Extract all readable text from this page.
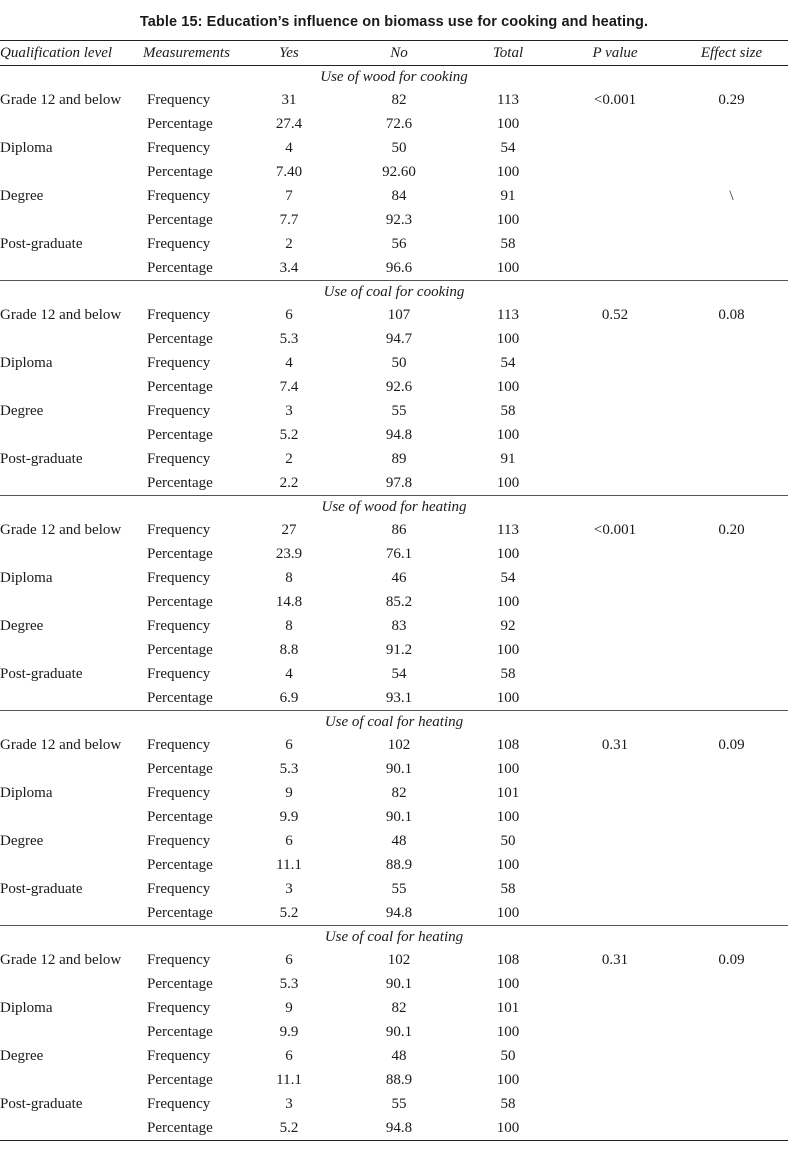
Table 15: Education’s influence on biomass use for cooking and heating.
Qualification level	Measurements	Yes	No	Total	P value	Effect size
Use of wood for cooking						
Grade 12 and below	Frequency	31	82	113	<0.001	0.29
	Percentage	27.4	72.6	100		
Diploma	Frequency	4	50	54		
	Percentage	7.40	92.60	100		
Degree	Frequency	7	84	91		\
	Percentage	7.7	92.3	100		
Post-graduate	Frequency	2	56	58		
	Percentage	3.4	96.6	100		
Use of coal for cooking						
Grade 12 and below	Frequency	6	107	113	0.52	0.08
	Percentage	5.3	94.7	100		
Diploma	Frequency	4	50	54		
	Percentage	7.4	92.6	100		
Degree	Frequency	3	55	58		
	Percentage	5.2	94.8	100		
Post-graduate	Frequency	2	89	91		
	Percentage	2.2	97.8	100		
Use of wood for heating						
Grade 12 and below	Frequency	27	86	113	<0.001	0.20
	Percentage	23.9	76.1	100		
Diploma	Frequency	8	46	54		
	Percentage	14.8	85.2	100		
Degree	Frequency	8	83	92		
	Percentage	8.8	91.2	100		
Post-graduate	Frequency	4	54	58		
	Percentage	6.9	93.1	100		
Use of coal for heating						
Grade 12 and below	Frequency	6	102	108	0.31	0.09
	Percentage	5.3	90.1	100		
Diploma	Frequency	9	82	101		
	Percentage	9.9	90.1	100		
Degree	Frequency	6	48	50		
	Percentage	11.1	88.9	100		
Post-graduate	Frequency	3	55	58		
	Percentage	5.2	94.8	100		
Use of coal for heating						
Grade 12 and below	Frequency	6	102	108	0.31	0.09
	Percentage	5.3	90.1	100		
Diploma	Frequency	9	82	101		
	Percentage	9.9	90.1	100		
Degree	Frequency	6	48	50		
	Percentage	11.1	88.9	100		
Post-graduate	Frequency	3	55	58		
	Percentage	5.2	94.8	100		
